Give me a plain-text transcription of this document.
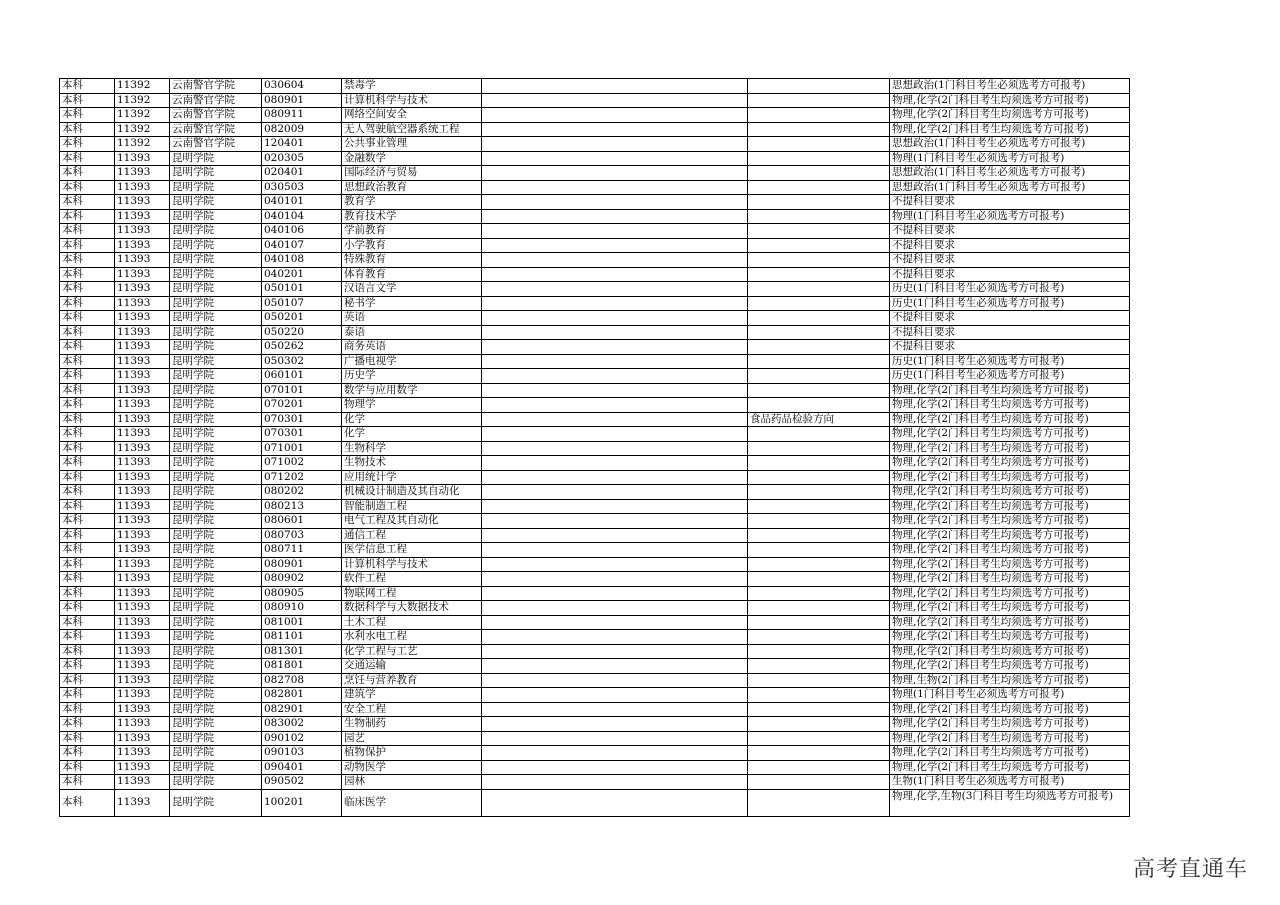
本科	11392	云南警官学院	030604	禁毒学			思想政治(1门科目考生必须选考方可报考)
本科	11392	云南警官学院	080901	计算机科学与技术			物理,化学(2门科目考生均须选考方可报考)
本科	11392	云南警官学院	080911	网络空间安全			物理,化学(2门科目考生均须选考方可报考)
本科	11392	云南警官学院	082009	无人驾驶航空器系统工程			物理,化学(2门科目考生均须选考方可报考)
本科	11392	云南警官学院	120401	公共事业管理			思想政治(1门科目考生必须选考方可报考)
本科	11393	昆明学院	020305	金融数学			物理(1门科目考生必须选考方可报考)
本科	11393	昆明学院	020401	国际经济与贸易			思想政治(1门科目考生必须选考方可报考)
本科	11393	昆明学院	030503	思想政治教育			思想政治(1门科目考生必须选考方可报考)
本科	11393	昆明学院	040101	教育学			不提科目要求
本科	11393	昆明学院	040104	教育技术学			物理(1门科目考生必须选考方可报考)
本科	11393	昆明学院	040106	学前教育			不提科目要求
本科	11393	昆明学院	040107	小学教育			不提科目要求
本科	11393	昆明学院	040108	特殊教育			不提科目要求
本科	11393	昆明学院	040201	体育教育			不提科目要求
本科	11393	昆明学院	050101	汉语言文学			历史(1门科目考生必须选考方可报考)
本科	11393	昆明学院	050107	秘书学			历史(1门科目考生必须选考方可报考)
本科	11393	昆明学院	050201	英语			不提科目要求
本科	11393	昆明学院	050220	泰语			不提科目要求
本科	11393	昆明学院	050262	商务英语			不提科目要求
本科	11393	昆明学院	050302	广播电视学			历史(1门科目考生必须选考方可报考)
本科	11393	昆明学院	060101	历史学			历史(1门科目考生必须选考方可报考)
本科	11393	昆明学院	070101	数学与应用数学			物理,化学(2门科目考生均须选考方可报考)
本科	11393	昆明学院	070201	物理学			物理,化学(2门科目考生均须选考方可报考)
本科	11393	昆明学院	070301	化学		食品药品检验方向	物理,化学(2门科目考生均须选考方可报考)
本科	11393	昆明学院	070301	化学			物理,化学(2门科目考生均须选考方可报考)
本科	11393	昆明学院	071001	生物科学			物理,化学(2门科目考生均须选考方可报考)
本科	11393	昆明学院	071002	生物技术			物理,化学(2门科目考生均须选考方可报考)
本科	11393	昆明学院	071202	应用统计学			物理,化学(2门科目考生均须选考方可报考)
本科	11393	昆明学院	080202	机械设计制造及其自动化			物理,化学(2门科目考生均须选考方可报考)
本科	11393	昆明学院	080213	智能制造工程			物理,化学(2门科目考生均须选考方可报考)
本科	11393	昆明学院	080601	电气工程及其自动化			物理,化学(2门科目考生均须选考方可报考)
本科	11393	昆明学院	080703	通信工程			物理,化学(2门科目考生均须选考方可报考)
本科	11393	昆明学院	080711	医学信息工程			物理,化学(2门科目考生均须选考方可报考)
本科	11393	昆明学院	080901	计算机科学与技术			物理,化学(2门科目考生均须选考方可报考)
本科	11393	昆明学院	080902	软件工程			物理,化学(2门科目考生均须选考方可报考)
本科	11393	昆明学院	080905	物联网工程			物理,化学(2门科目考生均须选考方可报考)
本科	11393	昆明学院	080910	数据科学与大数据技术			物理,化学(2门科目考生均须选考方可报考)
本科	11393	昆明学院	081001	土木工程			物理,化学(2门科目考生均须选考方可报考)
本科	11393	昆明学院	081101	水利水电工程			物理,化学(2门科目考生均须选考方可报考)
本科	11393	昆明学院	081301	化学工程与工艺			物理,化学(2门科目考生均须选考方可报考)
本科	11393	昆明学院	081801	交通运输			物理,化学(2门科目考生均须选考方可报考)
本科	11393	昆明学院	082708	烹饪与营养教育			物理,生物(2门科目考生均须选考方可报考)
本科	11393	昆明学院	082801	建筑学			物理(1门科目考生必须选考方可报考)
本科	11393	昆明学院	082901	安全工程			物理,化学(2门科目考生均须选考方可报考)
本科	11393	昆明学院	083002	生物制药			物理,化学(2门科目考生均须选考方可报考)
本科	11393	昆明学院	090102	园艺			物理,化学(2门科目考生均须选考方可报考)
本科	11393	昆明学院	090103	植物保护			物理,化学(2门科目考生均须选考方可报考)
本科	11393	昆明学院	090401	动物医学			物理,化学(2门科目考生均须选考方可报考)
本科	11393	昆明学院	090502	园林			生物(1门科目考生必须选考方可报考)
本科	11393	昆明学院	100201	临床医学			物理,化学,生物(3门科目考生均须选考方可报考)
高考直通车
